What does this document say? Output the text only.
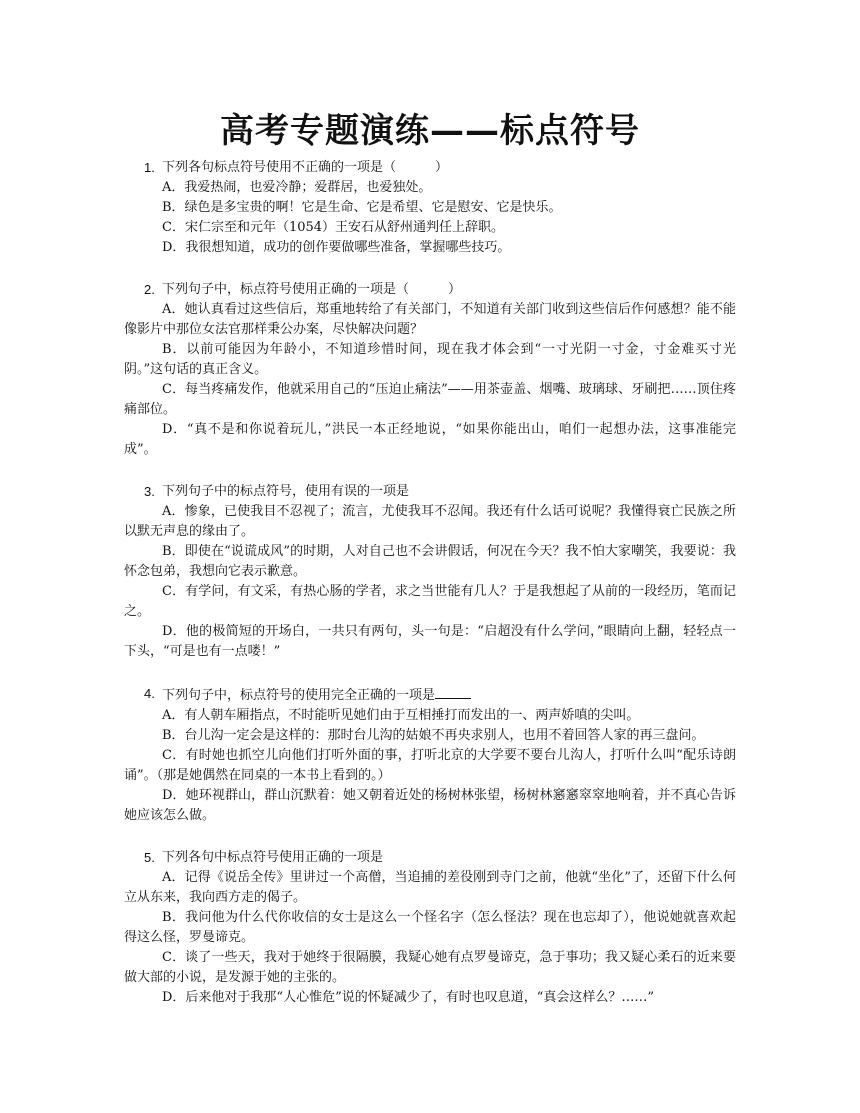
高考专题演练——标点符号
1. 下列各句标点符号使用不正确的一项是（　　　）
A．我爱热闹，也爱冷静；爱群居，也爱独处。
B．绿色是多宝贵的啊！它是生命、它是希望、它是慰安、它是快乐。
C．宋仁宗至和元年（1054）王安石从舒州通判任上辞职。
D．我很想知道，成功的创作要做哪些准备，掌握哪些技巧。
2. 下列句子中，标点符号使用正确的一项是（　　　）
A．她认真看过这些信后，郑重地转给了有关部门，不知道有关部门收到这些信后作何感想？能不能像影片中那位女法官那样秉公办案，尽快解决问题？
B．以前可能因为年龄小，不知道珍惜时间，现在我才体会到“一寸光阴一寸金，寸金难买寸光阴。”这句话的真正含义。
C．每当疼痛发作，他就采用自己的“压迫止痛法”——用茶壶盖、烟嘴、玻璃球、牙刷把……顶住疼痛部位。
D．“真不是和你说着玩儿，”洪民一本正经地说，“如果你能出山，咱们一起想办法，这事准能完成”。
3. 下列句子中的标点符号，使用有误的一项是
A．惨象，已使我目不忍视了；流言，尤使我耳不忍闻。我还有什么话可说呢？我懂得衰亡民族之所以默无声息的缘由了。
B．即使在“说谎成风”的时期，人对自己也不会讲假话，何况在今天？我不怕大家嘲笑，我要说：我怀念包弟，我想向它表示歉意。
C．有学问，有文采，有热心肠的学者，求之当世能有几人？于是我想起了从前的一段经历，笔而记之。
D．他的极简短的开场白，一共只有两句，头一句是：“启超没有什么学问，”眼睛向上翻，轻轻点一下头，“可是也有一点喽！”
4. 下列句子中，标点符号的使用完全正确的一项是
A．有人朝车厢指点，不时能听见她们由于互相捶打而发出的一、两声娇嗔的尖叫。
B．台儿沟一定会是这样的：那时台儿沟的姑娘不再央求别人，也用不着回答人家的再三盘问。
C．有时她也抓空儿向他们打听外面的事，打听北京的大学要不要台儿沟人，打听什么叫“配乐诗朗诵”。（那是她偶然在同桌的一本书上看到的。）
D．她环视群山，群山沉默着：她又朝着近处的杨树林张望，杨树林窸窸窣窣地响着，并不真心告诉她应该怎么做。
5. 下列各句中标点符号使用正确的一项是
A．记得《说岳全传》里讲过一个高僧，当追捕的差役刚到寺门之前，他就“坐化”了，还留下什么何立从东来，我向西方走的偈子。
B．我问他为什么代你收信的女士是这么一个怪名字（怎么怪法？现在也忘却了），他说她就喜欢起得这么怪，罗曼谛克。
C．谈了一些天，我对于她终于很隔膜，我疑心她有点罗曼谛克，急于事功；我又疑心柔石的近来要做大部的小说，是发源于她的主张的。
D．后来他对于我那“人心惟危”说的怀疑减少了，有时也叹息道，“真会这样么？……”
